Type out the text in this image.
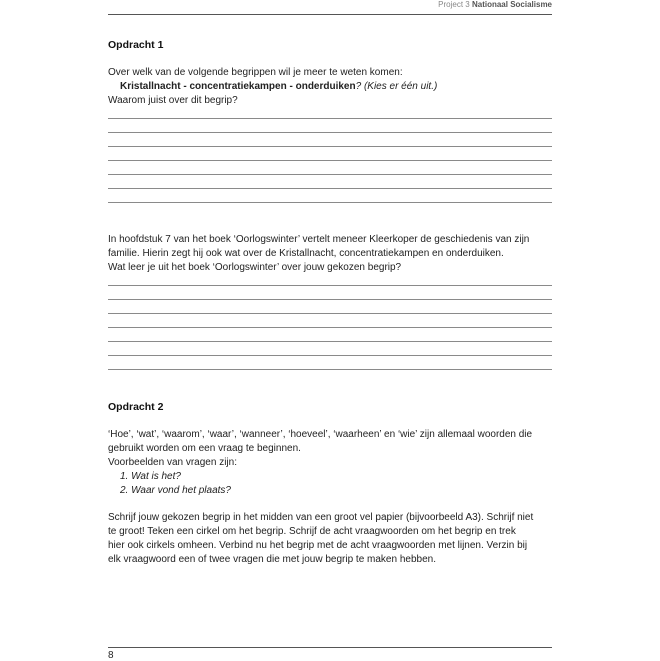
Project 3 Nationaal Socialisme
Opdracht 1
Over welk van de volgende begrippen wil je meer te weten komen:
Kristallnacht - concentratiekampen - onderduiken? (Kies er één uit.)
Waarom juist over dit begrip?
In hoofdstuk 7 van het boek ‘Oorlogswinter’ vertelt meneer Kleerkoper de geschiedenis van zijn
familie. Hierin zegt hij ook wat over de Kristallnacht, concentratiekampen en onderduiken.
Wat leer je uit het boek ‘Oorlogswinter’ over jouw gekozen begrip?
Opdracht 2
‘Hoe’, ‘wat’, ‘waarom’, ‘waar’, ‘wanneer’, ‘hoeveel’, ‘waarheen’ en ‘wie’ zijn allemaal woorden die
gebruikt worden om een vraag te beginnen.
Voorbeelden van vragen zijn:
1. Wat is het?
2. Waar vond het plaats?
Schrijf jouw gekozen begrip in het midden van een groot vel papier (bijvoorbeeld A3). Schrijf niet
te groot! Teken een cirkel om het begrip. Schrijf de acht vraagwoorden om het begrip en trek
hier ook cirkels omheen. Verbind nu het begrip met de acht vraagwoorden met lijnen. Verzin bij
elk vraagwoord een of twee vragen die met jouw begrip te maken hebben.
8
